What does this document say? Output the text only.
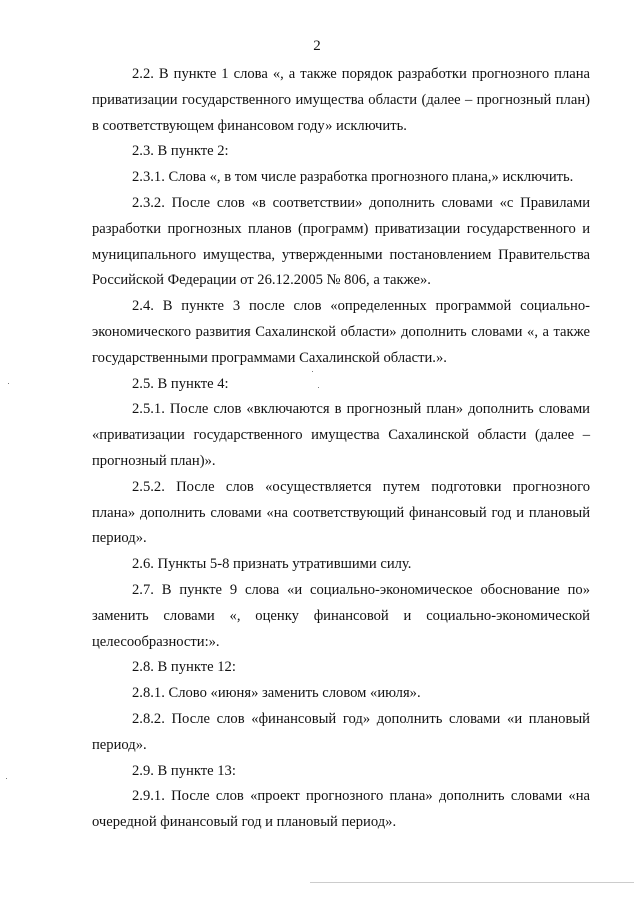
2

2.2. В пункте 1 слова «, а также порядок разработки прогнозного плана приватизации государственного имущества области (далее – прогнозный план) в соответствующем финансовом году» исключить.

2.3. В пункте 2:

2.3.1. Слова «, в том числе разработка прогнозного плана,» исключить.

2.3.2. После слов «в соответствии» дополнить словами «с Правилами разработки прогнозных планов (программ) приватизации государственного и муниципального имущества, утвержденными постановлением Правительства Российской Федерации от 26.12.2005 № 806, а также».

2.4. В пункте 3 после слов «определенных программой социально-экономического развития Сахалинской области» дополнить словами «, а также государственными программами Сахалинской области.».

2.5. В пункте 4:

2.5.1. После слов «включаются в прогнозный план» дополнить словами «приватизации государственного имущества Сахалинской области (далее – прогнозный план)».

2.5.2. После слов «осуществляется путем подготовки прогнозного плана» дополнить словами «на соответствующий финансовый год и плановый период».

2.6. Пункты 5-8 признать утратившими силу.

2.7. В пункте 9 слова «и социально-экономическое обоснование по» заменить словами «, оценку финансовой и социально-экономической целесообразности:».

2.8. В пункте 12:

2.8.1. Слово «июня» заменить словом «июля».

2.8.2. После слов «финансовый год» дополнить словами «и плановый период».

2.9. В пункте 13:

2.9.1. После слов «проект прогнозного плана» дополнить словами «на очередной финансовый год и плановый период».
